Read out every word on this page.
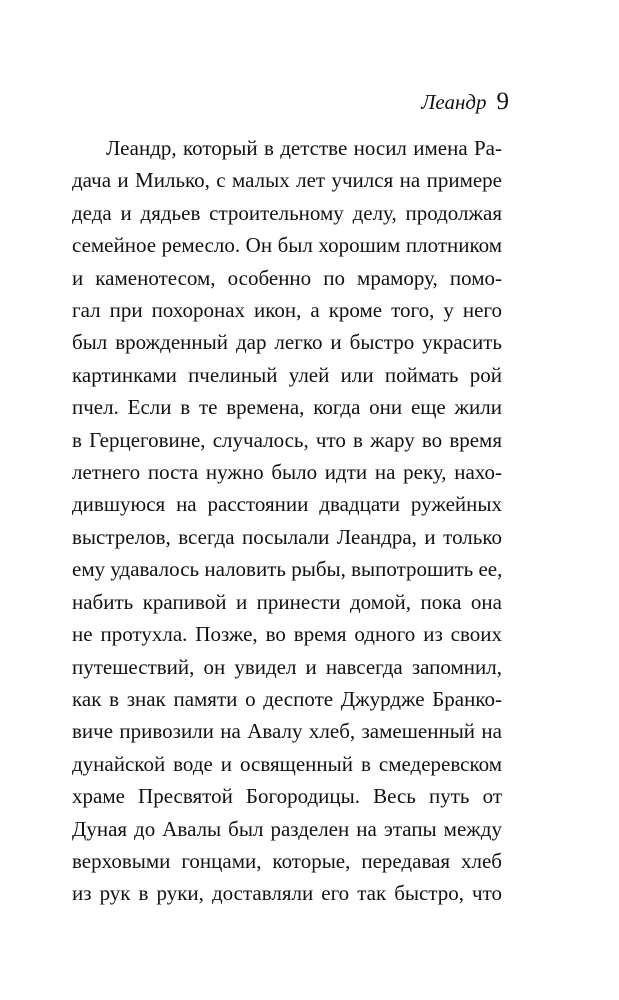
Леандр 9
Леандр, который в детстве носил имена Ра-
дача и Милько, с малых лет учился на примере
деда и дядьев строительному делу, продолжая
семейное ремесло. Он был хорошим плотником
и каменотесом, особенно по мрамору, помо-
гал при похоронах икон, а кроме того, у него
был врожденный дар легко и быстро украсить
картинками пчелиный улей или поймать рой
пчел. Если в те времена, когда они еще жили
в Герцеговине, случалось, что в жару во время
летнего поста нужно было идти на реку, нахо-
дившуюся на расстоянии двадцати ружейных
выстрелов, всегда посылали Леандра, и только
ему удавалось наловить рыбы, выпотрошить ее,
набить крапивой и принести домой, пока она
не протухла. Позже, во время одного из своих
путешествий, он увидел и навсегда запомнил,
как в знак памяти о деспоте Джурдже Бранко-
виче привозили на Авалу хлеб, замешенный на
дунайской воде и освященный в смедеревском
храме Пресвятой Богородицы. Весь путь от
Дуная до Авалы был разделен на этапы между
верховыми гонцами, которые, передавая хлеб
из рук в руки, доставляли его так быстро, что
